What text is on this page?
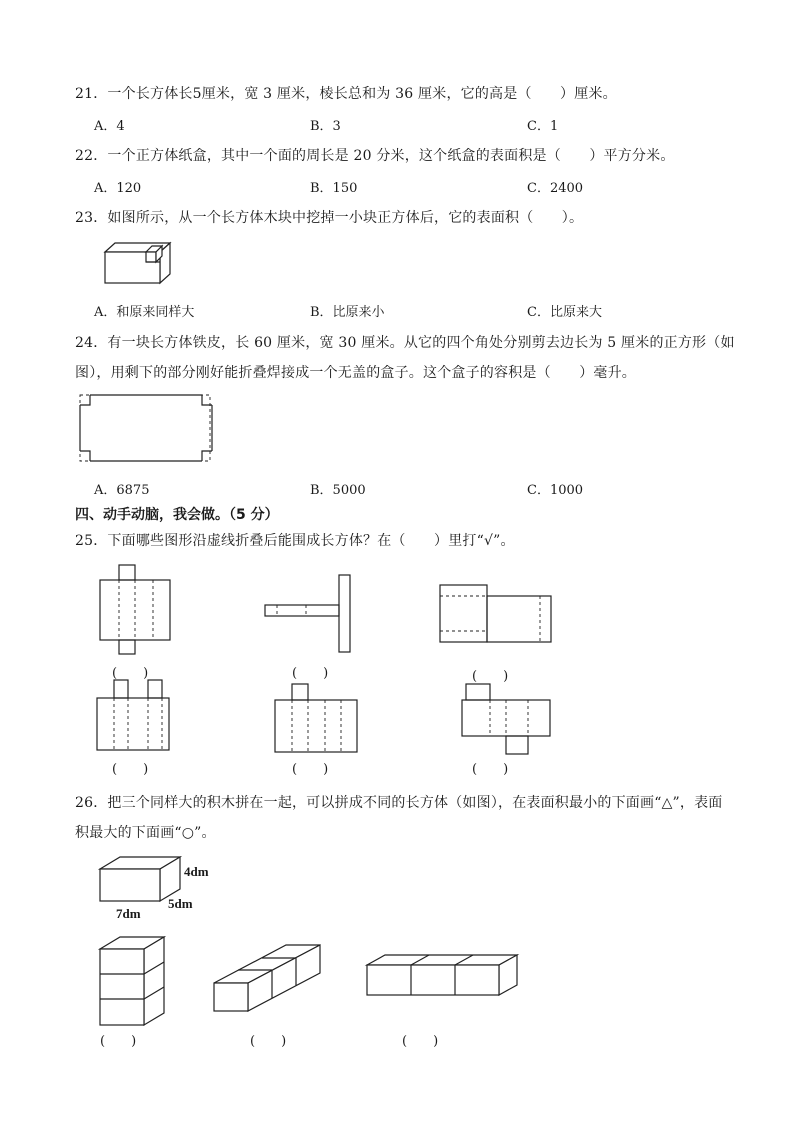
21．一个长方体长5厘米，宽 3 厘米，棱长总和为 36 厘米，它的高是（　　）厘米。
A．4	B．3	C．1
22．一个正方体纸盒，其中一个面的周长是 20 分米，这个纸盒的表面积是（　　）平方分米。
A．120	B．150	C．2400
23．如图所示，从一个长方体木块中挖掉一小块正方体后，它的表面积（　　）。
A．和原来同样大	B．比原来小	C．比原来大
24．有一块长方体铁皮，长 60 厘米，宽 30 厘米。从它的四个角处分别剪去边长为 5 厘米的正方形（如
图），用剩下的部分刚好能折叠焊接成一个无盖的盒子。这个盒子的容积是（　　）毫升。
A．6875	B．5000	C．1000
四、动手动脑，我会做。（5 分）
25．下面哪些图形沿虚线折叠后能围成长方体？在（　　）里打“√”。
(　　)	(　　)	(　　)
(　　)	(　　)	(　　)
26．把三个同样大的积木拼在一起，可以拼成不同的长方体（如图），在表面积最小的下面画“△”，表面
积最大的下面画“○”。
4dm
5dm
7dm
(　　)	(　　)	(　　)
